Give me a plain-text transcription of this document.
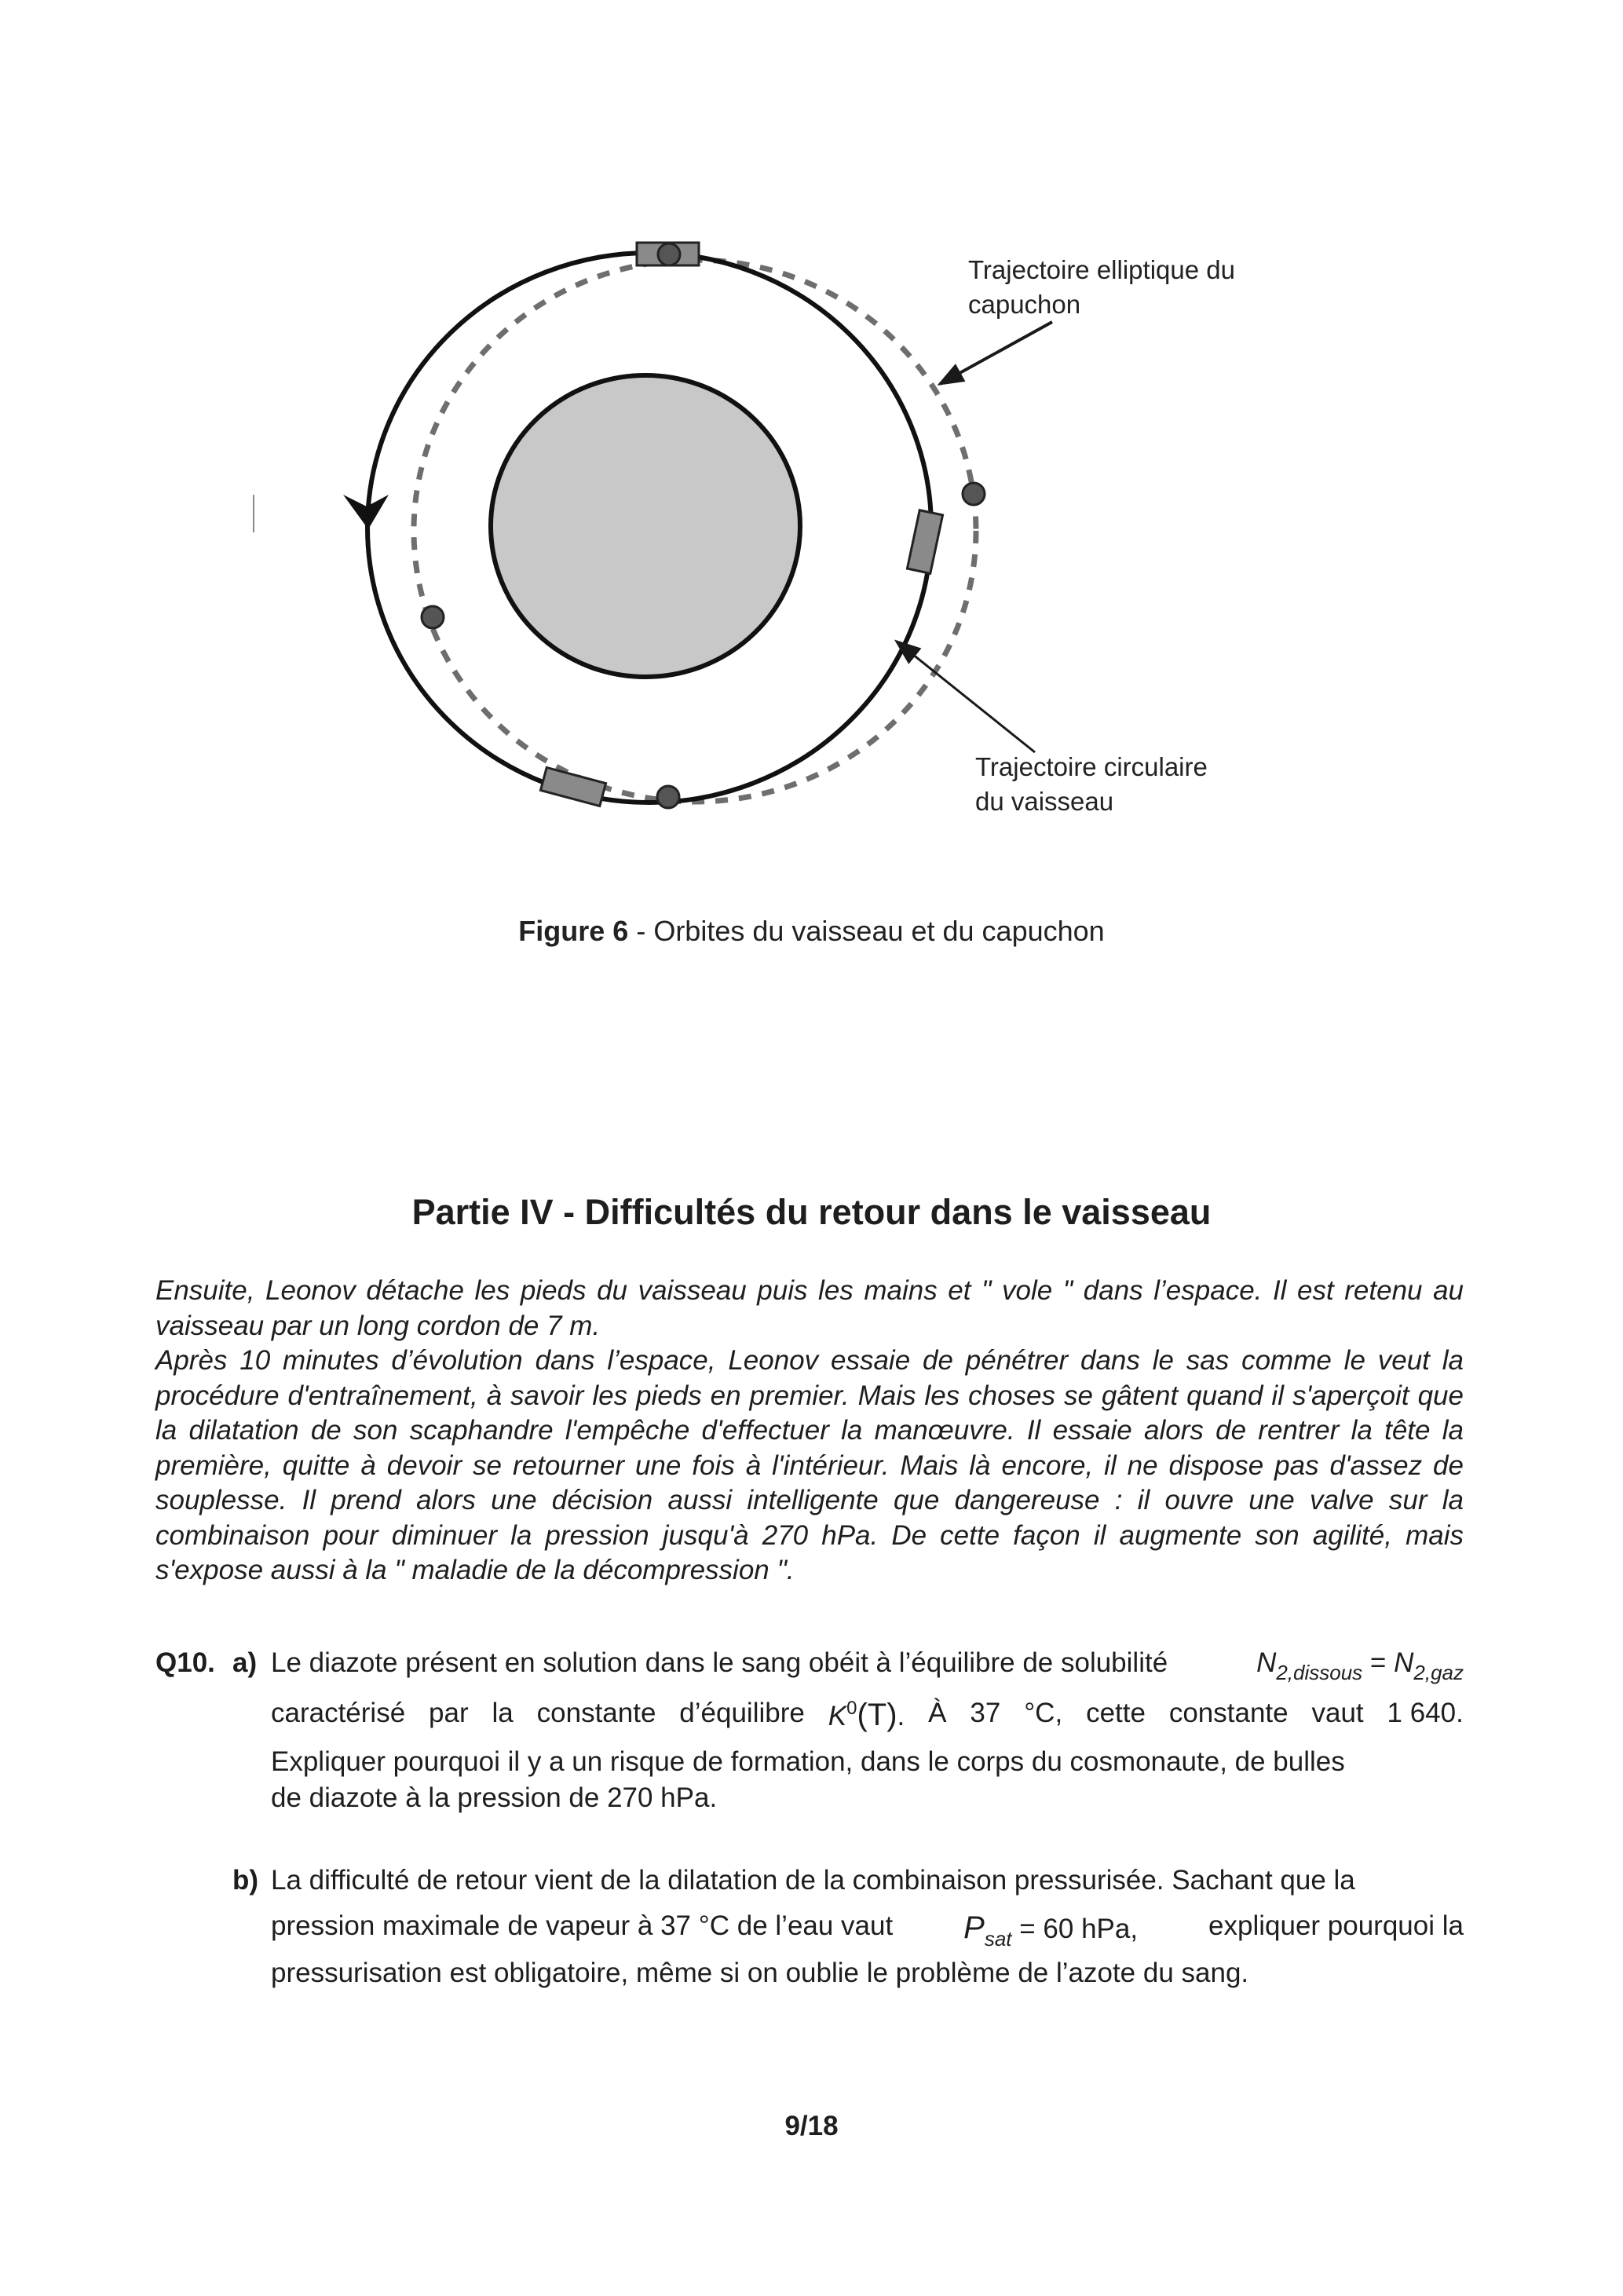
Trajectoire elliptique du
capuchon
Trajectoire circulaire
du vaisseau
Figure 6 - Orbites du vaisseau et du capuchon
Partie IV - Difficultés du retour dans le vaisseau

Ensuite, Leonov détache les pieds du vaisseau puis les mains et " vole " dans l’espace. Il est retenu au vaisseau par un long cordon de 7 m.

Après 10 minutes d’évolution dans l’espace, Leonov essaie de pénétrer dans le sas comme le veut la procédure d'entraînement, à savoir les pieds en premier. Mais les choses se gâtent quand il s'aperçoit que la dilatation de son scaphandre l'empêche d'effectuer la manœuvre. Il essaie alors de rentrer la tête la première, quitte à devoir se retourner une fois à l'intérieur. Mais là encore, il ne dispose pas d'assez de souplesse. Il prend alors une décision aussi intelligente que dangereuse : il ouvre une valve sur la combinaison pour diminuer la pression jusqu'à 270 hPa. De cette façon il augmente son agilité, mais s'expose aussi à la " maladie de la décompression ".

Q10. a) Le diazote présent en solution dans le sang obéit à l’équilibre de solubilité	$N_{2,dissous} = N_{2,gaz}$
caractérisé par la constante d’équilibre $K^0(T)$. À 37 °C, cette constante vaut 1 640.
Expliquer pourquoi il y a un risque de formation, dans le corps du cosmonaute, de bulles
de diazote à la pression de 270 hPa.
b) La difficulté de retour vient de la dilatation de la combinaison pressurisée. Sachant que la
pression maximale de vapeur à 37 °C de l’eau vaut $P_{sat} = 60$ hPa,	expliquer pourquoi la
pressurisation est obligatoire, même si on oublie le problème de l’azote du sang.
9/18
